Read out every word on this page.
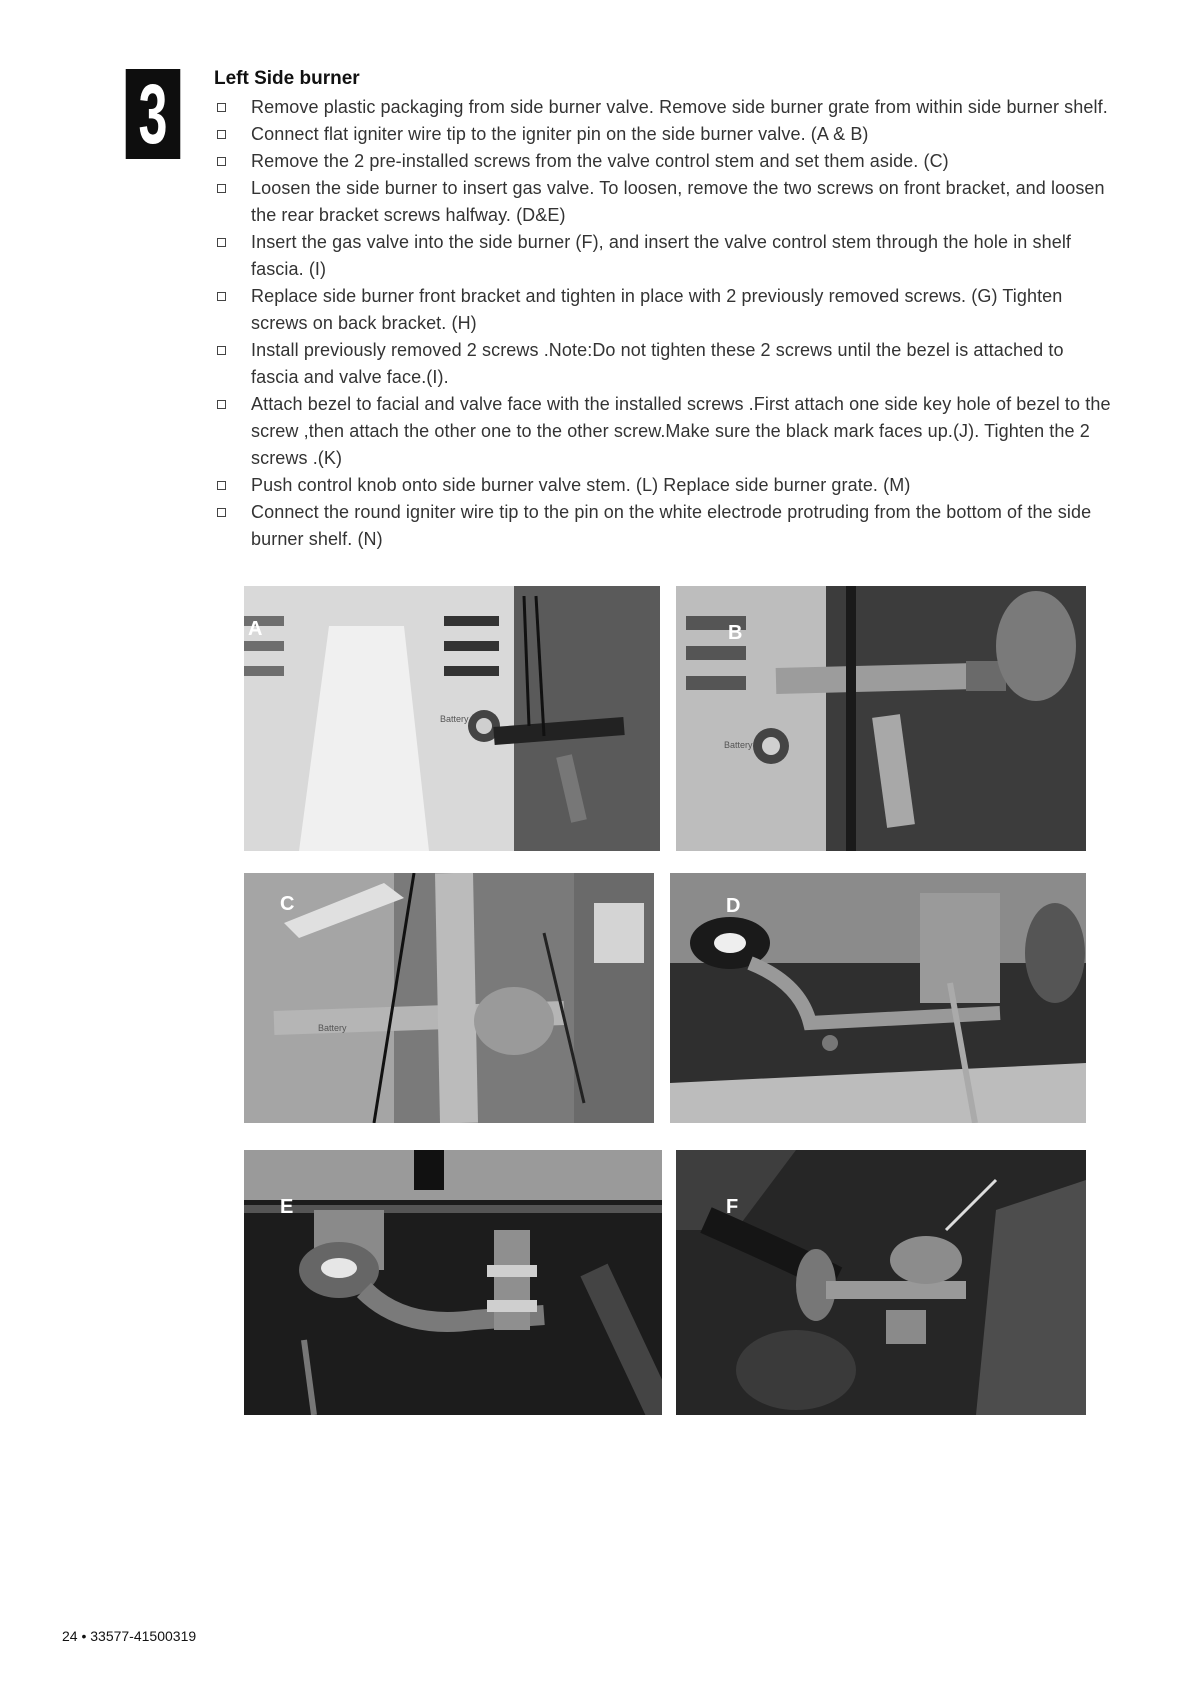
3	Left Side burner
Remove plastic packaging from side burner valve. Remove side burner grate from within side burner shelf.
Connect flat igniter wire tip to the igniter pin on the side burner valve. (A & B)
Remove the 2 pre-installed screws from the valve control stem and set them aside. (C)
Loosen the side burner to insert gas valve. To loosen, remove the two screws on front bracket, and loosen the rear bracket screws halfway. (D&E)
Insert the gas valve into the side burner (F), and insert the valve control stem through the hole in shelf fascia. (I)
Replace side burner front bracket and tighten in place with 2 previously removed screws. (G) Tighten screws on back bracket. (H)
Install previously removed 2 screws .Note:Do not tighten these 2 screws until the bezel is attached to fascia and valve face.(I).
Attach bezel to facial and valve face with the installed screws .First attach one side key hole of bezel to the screw ,then attach the other one to the other screw.Make sure the black mark faces up.(J). Tighten the 2 screws .(K)
Push control knob onto side burner valve stem. (L) Replace side burner grate. (M)
Connect the round igniter wire tip to the pin on the white electrode protruding from the bottom of the side burner shelf. (N)
A
Battery
B
Battery
C
Battery
D
E	F
24 • 33577-41500319
